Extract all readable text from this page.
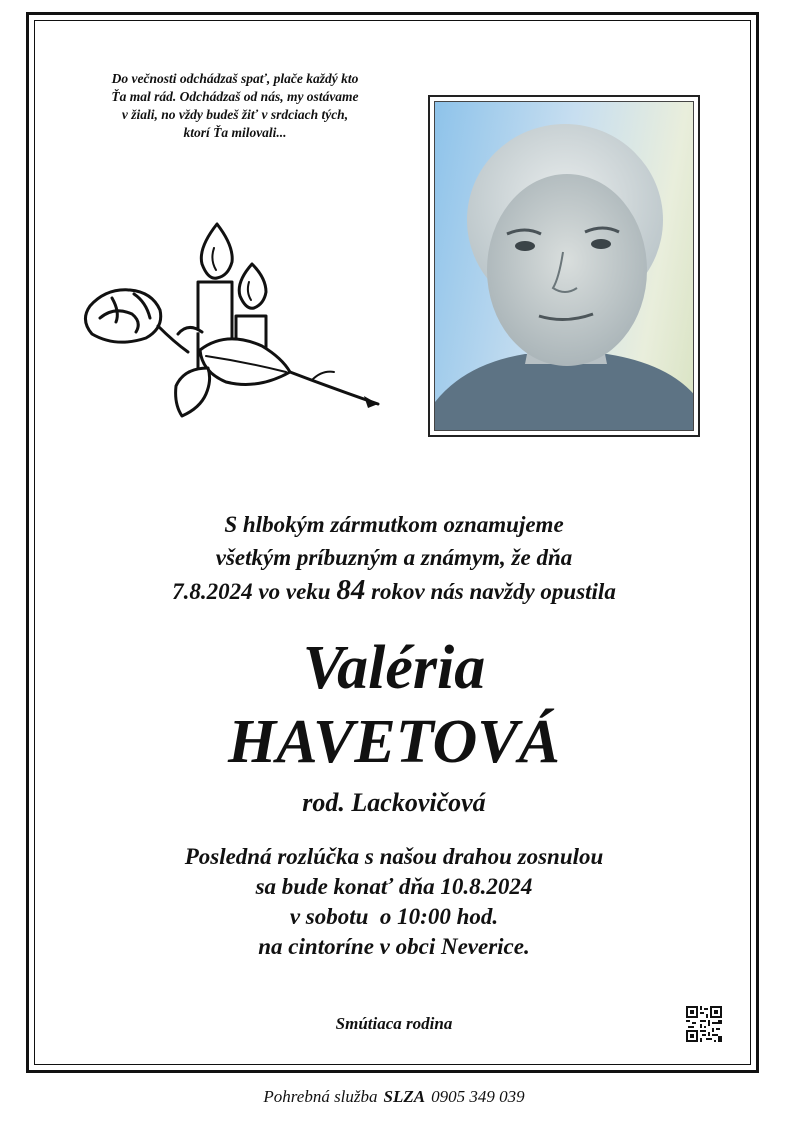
Do večnosti odchádzaš spať, plače každý kto
Ťa mal rád. Odchádzaš od nás, my ostávame
v žiali, no vždy budeš žiť v srdciach tých,
ktorí Ťa milovali...
S hlbokým zármutkom oznamujeme
všetkým príbuzným a známym, že dňa
7.8.2024 vo veku 84 rokov nás navždy opustila
Valéria
HAVETOVÁ
rod. Lackovičová
Posledná rozlúčka s našou drahou zosnulou
sa bude konať dňa 10.8.2024
v sobotu  o 10:00 hod.
na cintoríne v obci Neverice.
Smútiaca rodina
Pohrebná služba SLZA 0905 349 039
